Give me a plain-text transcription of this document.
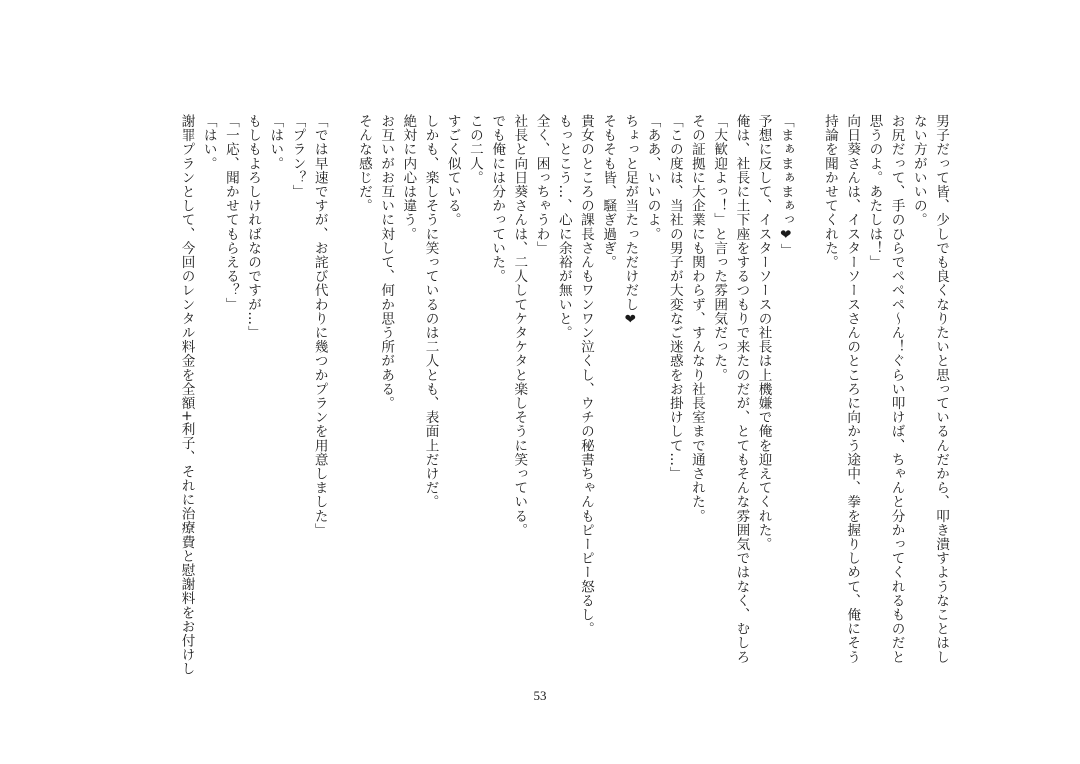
男子だって皆、少しでも良くなりたいと思っているんだから、叩き潰すようなことはし
ない方がいいの。
お尻だって、手のひらでペペペ～ん！ぐらい叩けば、ちゃんと分かってくれるものだと
思うのよ。あたしは！」
向日葵さんは、イスターソースさんのところに向かう途中、拳を握りしめて、俺にそう
持論を聞かせてくれた。
「まぁまぁまぁっ❤」
予想に反して、イスターソースの社長は上機嫌で俺を迎えてくれた。
俺は、社長に土下座をするつもりで来たのだが、とてもそんな雰囲気ではなく、むしろ
「大歓迎よっ！」と言った雰囲気だった。
その証拠に大企業にも関わらず、すんなり社長室まで通された。
「この度は、当社の男子が大変なご迷惑をお掛けして…」
「ああ、いいのよ。
ちょっと足が当たっただけだし❤
そもそも皆、騒ぎ過ぎ。
貴女のところの課長さんもワンワン泣くし、ウチの秘書ちゃんもピーピー怒るし。
もっとこう…、心に余裕が無いと。
全く、困っちゃうわ」
社長と向日葵さんは、二人してケタケタと楽しそうに笑っている。
でも俺には分かっていた。
この二人。
すごく似ている。
しかも、楽しそうに笑っているのは二人とも、表面上だけだ。
絶対に内心は違う。
お互いがお互いに対して、何か思う所がある。
そんな感じだ。
「では早速ですが、お詫び代わりに幾つかプランを用意しました」
「プラン？」
「はい。
もしもよろしければなのですが…」
「一応、聞かせてもらえる？」
「はい。
謝罪プランとして、今回のレンタル料金を全額+利子、それに治療費と慰謝料をお付けし
53
